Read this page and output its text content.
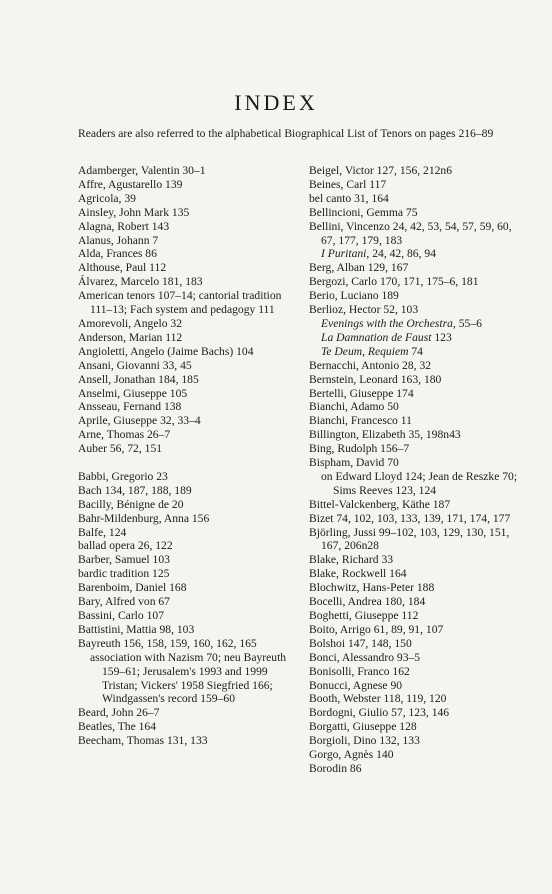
INDEX
Readers are also referred to the alphabetical Biographical List of Tenors on pages 216–89
Adamberger, Valentin 30–1
Affre, Agustarello 139
Agricola, 39
Ainsley, John Mark 135
Alagna, Robert 143
Alanus, Johann 7
Alda, Frances 86
Althouse, Paul 112
Álvarez, Marcelo 181, 183
American tenors 107–14; cantorial tradition 111–13; Fach system and pedagogy 111
Amorevoli, Angelo 32
Anderson, Marian 112
Angioletti, Angelo (Jaime Bachs) 104
Ansani, Giovanni 33, 45
Ansell, Jonathan 184, 185
Anselmi, Giuseppe 105
Ansseau, Fernand 138
Aprile, Giuseppe 32, 33–4
Arne, Thomas 26–7
Auber 56, 72, 151
Babbi, Gregorio 23
Bach 134, 187, 188, 189
Bacilly, Bénigne de 20
Bahr-Mildenburg, Anna 156
Balfe, 124
ballad opera 26, 122
Barber, Samuel 103
bardic tradition 125
Barenboim, Daniel 168
Bary, Alfred von 67
Bassini, Carlo 107
Battistini, Mattia 98, 103
Bayreuth 156, 158, 159, 160, 162, 165
association with Nazism 70; neu Bayreuth 159–61; Jerusalem's 1993 and 1999 Tristan; Vickers' 1958 Siegfried 166; Windgassen's record 159–60
Beard, John 26–7
Beatles, The 164
Beecham, Thomas 131, 133
Beigel, Victor 127, 156, 212n6
Beines, Carl 117
bel canto 31, 164
Bellincioni, Gemma 75
Bellini, Vincenzo 24, 42, 53, 54, 57, 59, 60, 67, 177, 179, 183
I Puritani, 24, 42, 86, 94
Berg, Alban 129, 167
Bergozi, Carlo 170, 171, 175–6, 181
Berio, Luciano 189
Berlioz, Hector 52, 103
Evenings with the Orchestra, 55–6
La Damnation de Faust 123
Te Deum, Requiem 74
Bernacchi, Antonio 28, 32
Bernstein, Leonard 163, 180
Bertelli, Giuseppe 174
Bianchi, Adamo 50
Bianchi, Francesco 11
Billington, Elizabeth 35, 198n43
Bing, Rudolph 156–7
Bispham, David 70
on Edward Lloyd 124; Jean de Reszke 70; Sims Reeves 123, 124
Bittel-Valckenberg, Käthe 187
Bizet 74, 102, 103, 133, 139, 171, 174, 177
Björling, Jussi 99–102, 103, 129, 130, 151, 167, 206n28
Blake, Richard 33
Blake, Rockwell 164
Blochwitz, Hans-Peter 188
Bocelli, Andrea 180, 184
Boghetti, Giuseppe 112
Boito, Arrigo 61, 89, 91, 107
Bolshoi 147, 148, 150
Bonci, Alessandro 93–5
Bonisolli, Franco 162
Bonucci, Agnese 90
Booth, Webster 118, 119, 120
Bordogni, Giulio 57, 123, 146
Borgatti, Giuseppe 128
Borgioli, Dino 132, 133
Gorgo, Agnès 140
Borodin 86
